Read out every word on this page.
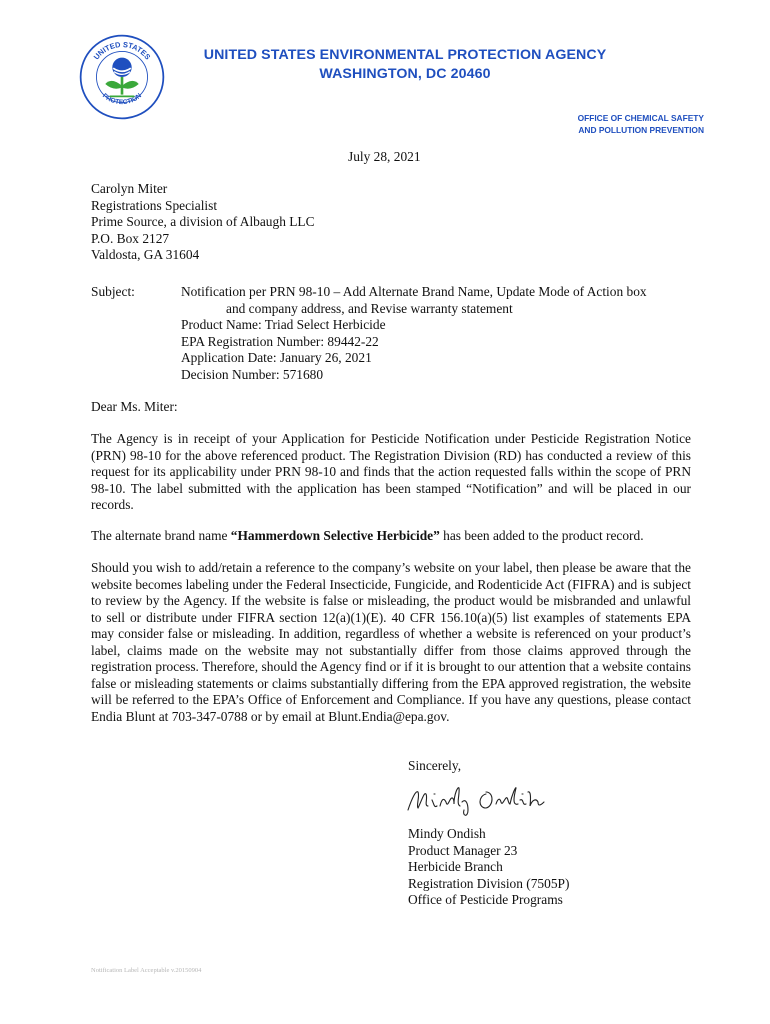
UNITED STATES
PROTECTION
UNITED STATES ENVIRONMENTAL PROTECTION AGENCY
WASHINGTON, DC 20460
OFFICE OF CHEMICAL SAFETY
AND POLLUTION PREVENTION
July 28, 2021
Carolyn Miter
Registrations Specialist
Prime Source, a division of Albaugh LLC
P.O. Box 2127
Valdosta, GA 31604
Subject:	Notification per PRN 98-10 – Add Alternate Brand Name, Update Mode of Action box
and company address, and Revise warranty statement
Product Name: Triad Select Herbicide
EPA Registration Number: 89442-22
Application Date: January 26, 2021
Decision Number: 571680
Dear Ms. Miter:
The Agency is in receipt of your Application for Pesticide Notification under Pesticide Registration Notice (PRN) 98-10 for the above referenced product. The Registration Division (RD) has conducted a review of this request for its applicability under PRN 98-10 and finds that the action requested falls within the scope of PRN 98-10. The label submitted with the application has been stamped “Notification” and will be placed in our records.
The alternate brand name “Hammerdown Selective Herbicide” has been added to the product record.
Should you wish to add/retain a reference to the company’s website on your label, then please be aware that the website becomes labeling under the Federal Insecticide, Fungicide, and Rodenticide Act (FIFRA) and is subject to review by the Agency. If the website is false or misleading, the product would be misbranded and unlawful to sell or distribute under FIFRA section 12(a)(1)(E). 40 CFR 156.10(a)(5) list examples of statements EPA may consider false or misleading. In addition, regardless of whether a website is referenced on your product’s label, claims made on the website may not substantially differ from those claims approved through the registration process. Therefore, should the Agency find or if it is brought to our attention that a website contains false or misleading statements or claims substantially differing from the EPA approved registration, the website will be referred to the EPA’s Office of Enforcement and Compliance. If you have any questions, please contact Endia Blunt at 703-347-0788 or by email at Blunt.Endia@epa.gov.
Sincerely,
Mindy Ondish
Product Manager 23
Herbicide Branch
Registration Division (7505P)
Office of Pesticide Programs
Notification Label Acceptable v.20150904
